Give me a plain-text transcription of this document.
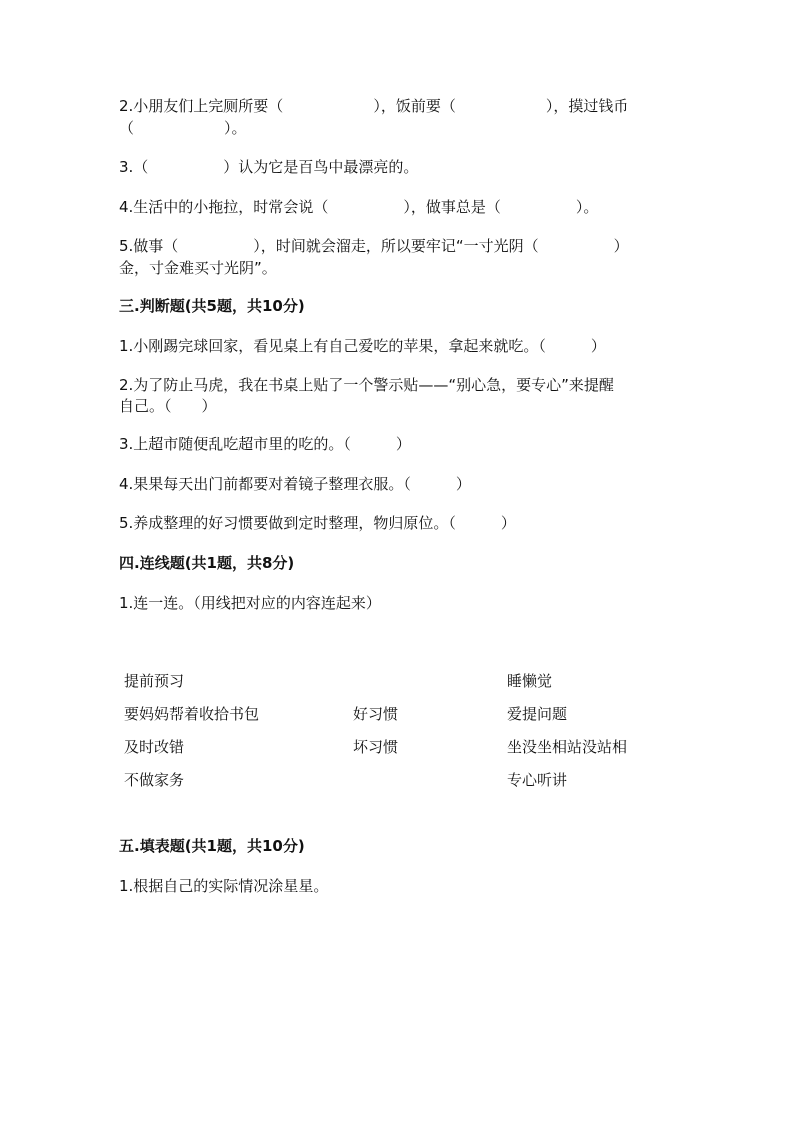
2.小朋友们上完厕所要（　　　　　　），饭前要（　　　　　　），摸过钱币
（　　　　　　）。
3.（　　　　　）认为它是百鸟中最漂亮的。
4.生活中的小拖拉，时常会说（　　　　　），做事总是（　　　　　）。
5.做事（　　　　　），时间就会溜走，所以要牢记“一寸光阴（　　　　　）
金，寸金难买寸光阴”。
三.判断题(共5题，共10分)
1.小刚踢完球回家，看见桌上有自己爱吃的苹果，拿起来就吃。（　　　）
2.为了防止马虎，我在书桌上贴了一个警示贴——“别心急，要专心”来提醒
自己。（　　）
3.上超市随便乱吃超市里的吃的。（　　　）
4.果果每天出门前都要对着镜子整理衣服。（　　　）
5.养成整理的好习惯要做到定时整理，物归原位。（　　　）
四.连线题(共1题，共8分)
1.连一连。（用线把对应的内容连起来）
提前预习
要妈妈帮着收拾书包
及时改错
不做家务
好习惯
坏习惯
睡懒觉
爱提问题
坐没坐相站没站相
专心听讲
五.填表题(共1题，共10分)
1.根据自己的实际情况涂星星。
